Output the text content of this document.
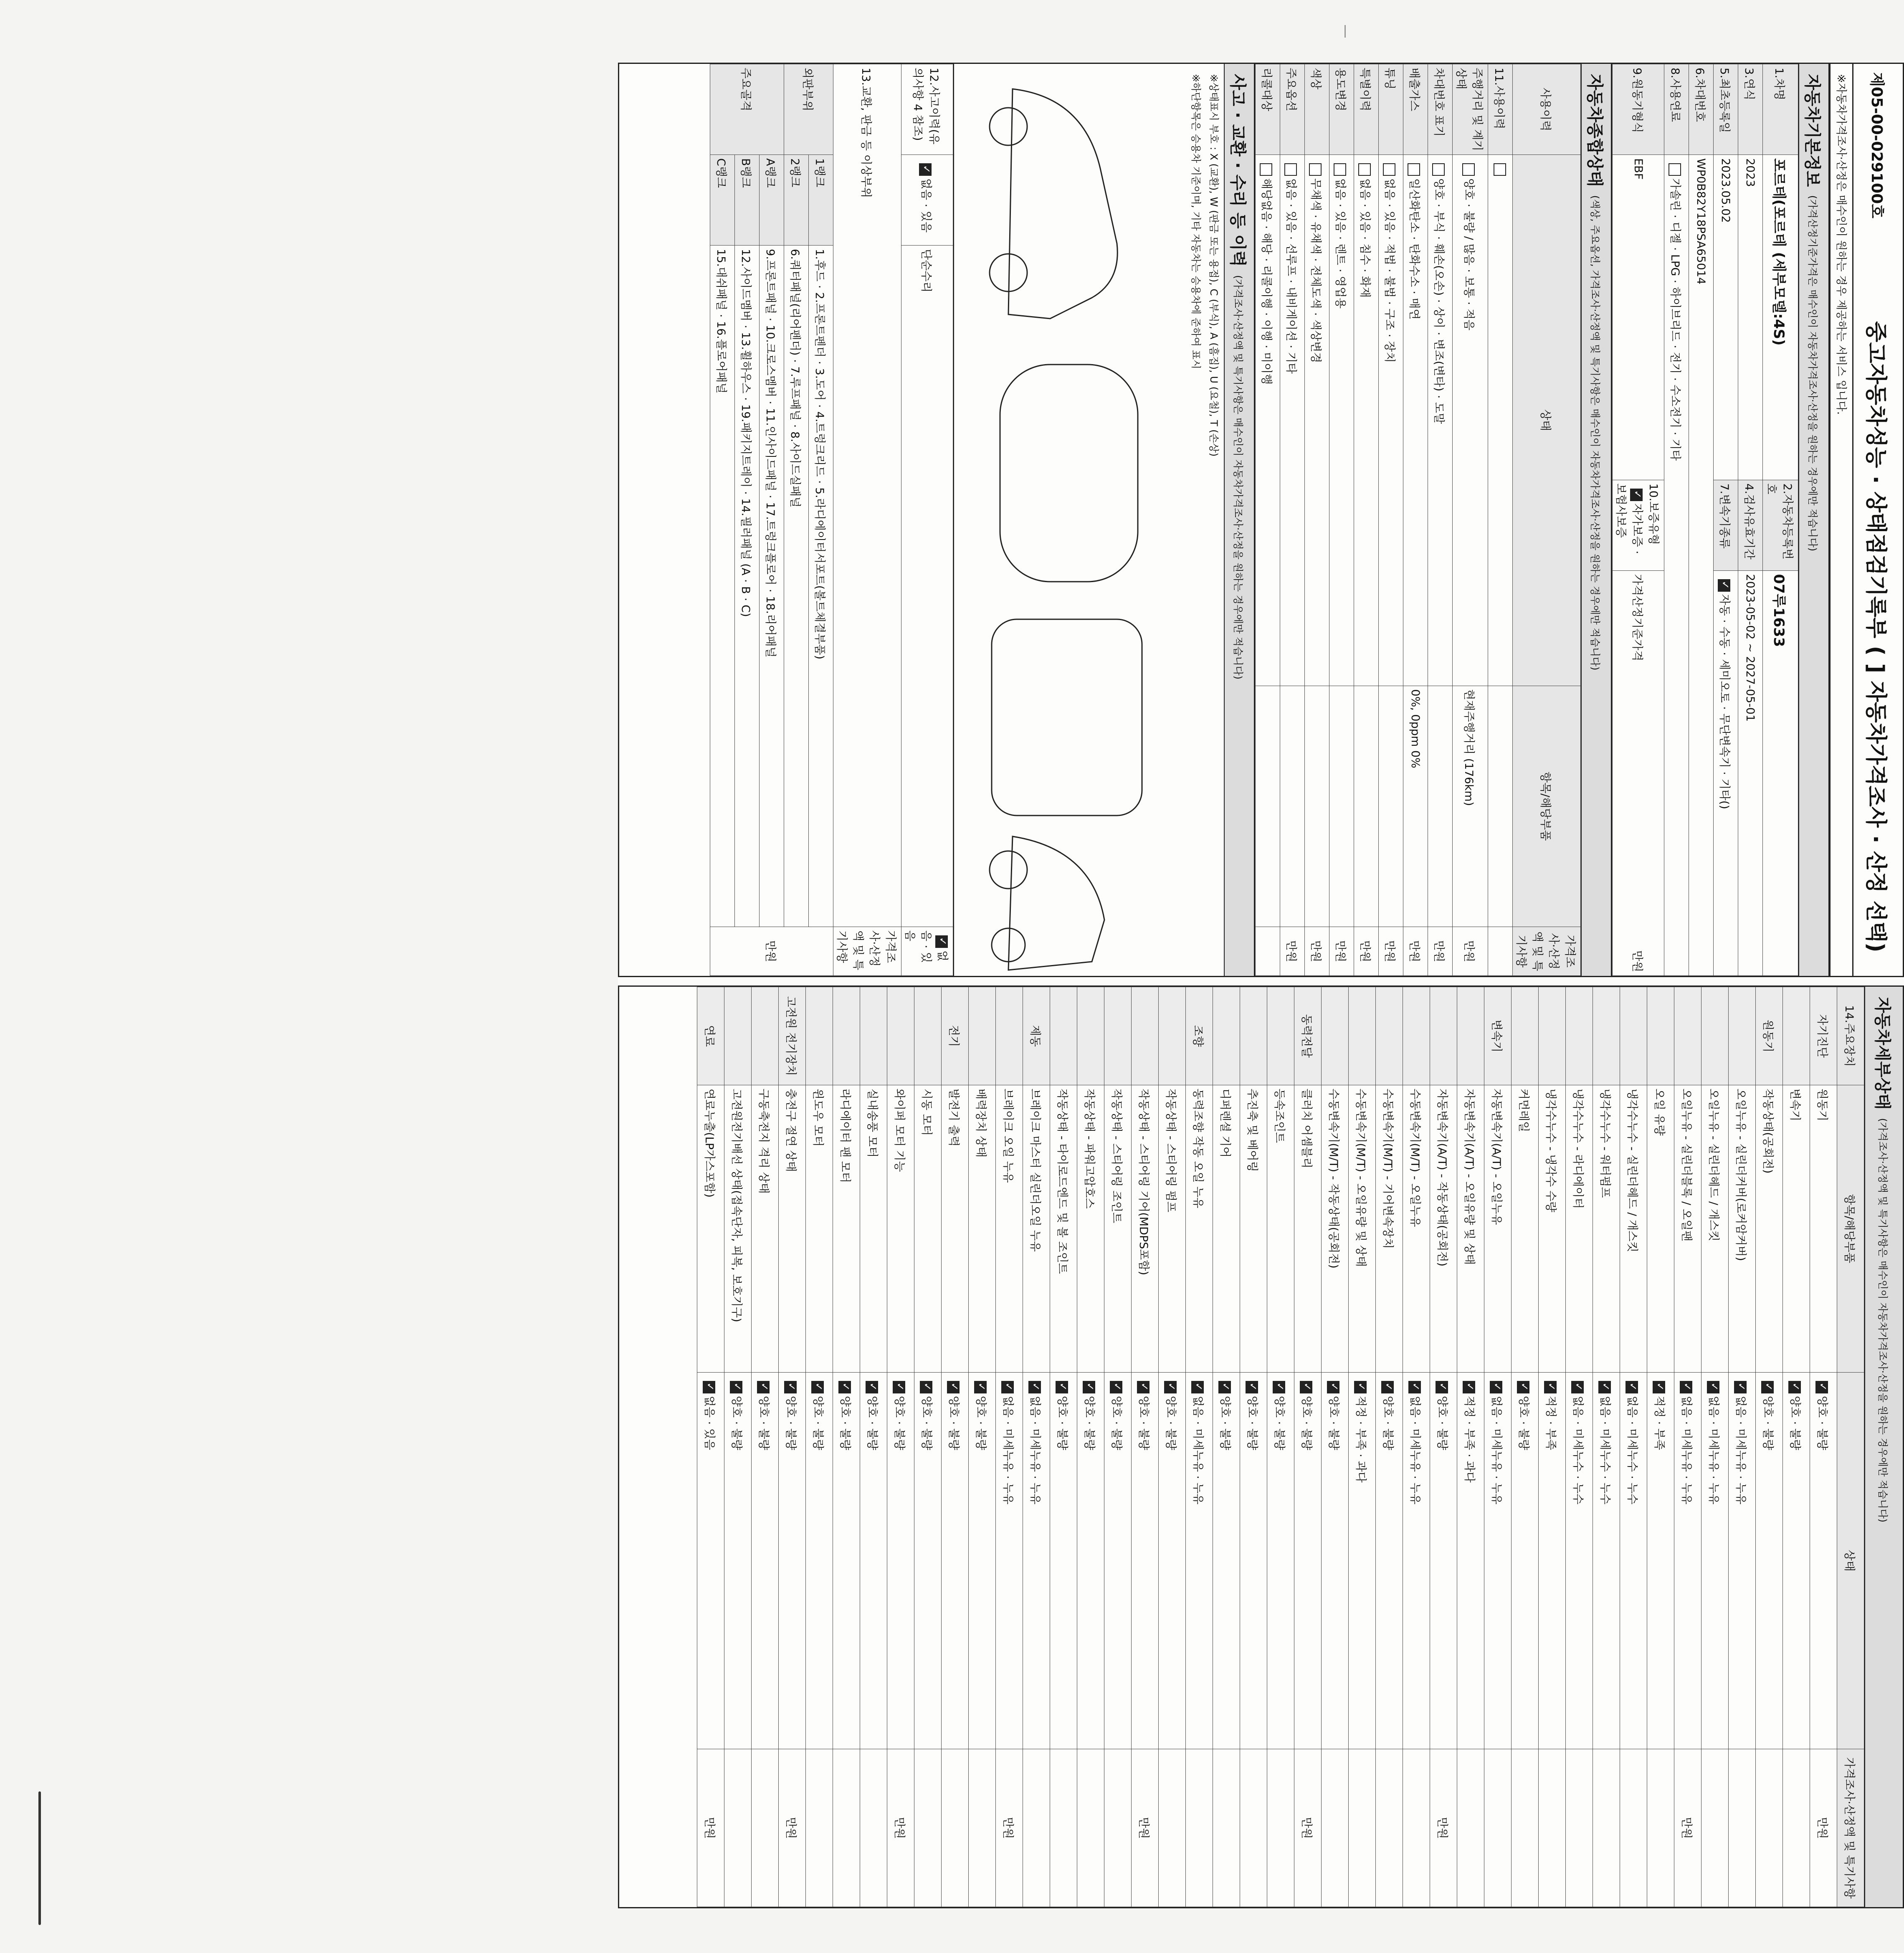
제05-00-029100호
중고자동차성능 · 상태점검기록부 ( ] 자동차가격조사 · 산정 선택)
※자동차가격조사·산정은 매수인이 원하는 경우 제공하는 서비스 입니다.
자동차기본정보
(가격산정기준가격은 매수인이 자동차가격조사·산정을 원하는 경우에만 적습니다)
1.차명	포르테(포르테 (세부모델:4S)	2.자동차등록번호	07루1633
3.연식	2023	4.검사유효기간	2023-05-02 ~ 2027-05-01
5.최초등록일	2023.05.02	7.변속기종류	✓자동 · 수동 · 세미오토 · 무단변속기 · 기타()
6.차대번호	WP0B82Y18PSA65014		
8.사용연료	가솔린 · 디젤 · LPG · 하이브리드 · 전기 · 수소전기 · 기타		
9.원동기형식	EBF	10.보증유형 ✓자가보증 · 보험사보증	가격산정기준가격
만원
자동차종합상태
(색상, 주요옵션, 가격조사·산정액 및 특기사항은 매수인이 자동차가격조사·산정을 원하는 경우에만 적습니다)
사용이력	상태	항목/해당부품	가격조사·산정액 및 특기사항
11.사용이력			
주행거리 및 계기상태	양호 · 불량 / 많음 · 보통 · 적음	현재주행거리 (176km)	만원
차대번호 표기	양호 · 부식 · 훼손(오손) · 상이 · 변조(변타) · 도말		만원
배출가스	일산화탄소 · 탄화수소 · 매연	0%, 0ppm 0%	만원
튜닝	없음 · 있음 · 적법 · 불법 · 구조 · 장치		만원
특별이력	없음 · 있음 · 침수 · 화재		만원
용도변경	없음 · 있음 · 렌트 · 영업용		만원
색상	무채색 · 유채색 · 전체도색 · 색상변경		만원
주요옵션	없음 · 있음 · 선루프 · 내비게이션 · 기타		만원
리콜대상	해당없음 · 해당 · 리콜이행 · 이행 · 미이행		
사고 · 교환 · 수리 등 이력
(가격조사·산정액 및 특기사항은 매수인이 자동차가격조사·산정을 원하는 경우에만 적습니다)
※상태표시 부호 : X (교환), W (판금 또는 용접), C (부식), A (흠집), U (요철), T (손상)
※하단항목은 승용차 기준이며, 기타 자동차는 승용차에 준하여 표시
12.사고이력(유의사항 4 참조)	✓없음 · 있음	단순수리	✓없음 · 있음
13.교환, 판금 등 이상부위			가격조사·산정액 및 특기사항
외판부위	1랭크	1.후드 · 2.프론트펜더 · 3.도어 · 4.트렁크리드 · 5.라디에이터서포트(볼트체결부품)	만원
	2랭크	6.쿼터패널(리어펜더) · 7.루프패널 · 8.사이드실패널	
주요골격	A랭크	9.프론트패널 · 10.크로스멤버 · 11.인사이드패널 · 17.트렁크플로어 · 18.리어패널	
	B랭크	12.사이드멤버 · 13.휠하우스 · 19.패키지트레이 · 14.필러패널 (A · B · C)	
	C랭크	15.대쉬패널 · 16.플로어패널	
자동차세부상태
(가격조사·산정액 및 특기사항은 매수인이 자동차가격조사·산정을 원하는 경우에만 적습니다)
14.주요장치	항목/해당부품	상태	가격조사·산정액 및 특기사항
자기진단	원동기	✓양호 · 불량	만원
	변속기	✓양호 · 불량	
원동기	작동상태(공회전)	✓양호 · 불량	
	오일누유 - 실린더커버(로커암커버)	✓없음 · 미세누유 · 누유	
	오일누유 - 실린더헤드 / 개스킷	✓없음 · 미세누유 · 누유	
	오일누유 - 실린더블록 / 오일팬	✓없음 · 미세누유 · 누유	만원
	오일 유량	✓적정 · 부족	
	냉각수누수 - 실린더헤드 / 개스킷	✓없음 · 미세누수 · 누수	
	냉각수누수 - 워터펌프	✓없음 · 미세누수 · 누수	
	냉각수누수 - 라디에이터	✓없음 · 미세누수 · 누수	
	냉각수누수 - 냉각수 수량	✓적정 · 부족	
	커먼레일	✓양호 · 불량	
변속기	자동변속기(A/T) - 오일누유	✓없음 · 미세누유 · 누유	
	자동변속기(A/T) - 오일유량 및 상태	✓적정 · 부족 · 과다	
	자동변속기(A/T) - 작동상태(공회전)	✓양호 · 불량	만원
	수동변속기(M/T) - 오일누유	✓없음 · 미세누유 · 누유	
	수동변속기(M/T) - 기어변속장치	✓양호 · 불량	
	수동변속기(M/T) - 오일유량 및 상태	✓적정 · 부족 · 과다	
	수동변속기(M/T) - 작동상태(공회전)	✓양호 · 불량	
동력전달	클러치 어셈블리	✓양호 · 불량	만원
	등속조인트	✓양호 · 불량	
	추진축 및 베어링	✓양호 · 불량	
	디퍼렌셜 기어	✓양호 · 불량	
조향	동력조향 작동 오일 누유	✓없음 · 미세누유 · 누유	
	작동상태 - 스티어링 펌프	✓양호 · 불량	
	작동상태 - 스티어링 기어(MDPS포함)	✓양호 · 불량	만원
	작동상태 - 스티어링 조인트	✓양호 · 불량	
	작동상태 - 파워고압호스	✓양호 · 불량	
	작동상태 - 타이로드엔드 및 볼 조인트	✓양호 · 불량	
제동	브레이크 마스터 실린더오일 누유	✓없음 · 미세누유 · 누유	
	브레이크 오일 누유	✓없음 · 미세누유 · 누유	만원
	배력장치 상태	✓양호 · 불량	
전기	발전기 출력	✓양호 · 불량	
	시동 모터	✓양호 · 불량	
	와이퍼 모터 기능	✓양호 · 불량	만원
	실내송풍 모터	✓양호 · 불량	
	라디에이터 팬 모터	✓양호 · 불량	
	윈도우 모터	✓양호 · 불량	
고전원 전기장치	충전구 절연 상태	✓양호 · 불량	만원
	구동축전지 격리 상태	✓양호 · 불량	
	고전원전기배선 상태(접속단자, 피복, 보호기구)	✓양호 · 불량	
연료	연료누출(LP가스포함)	✓없음 · 있음	만원
